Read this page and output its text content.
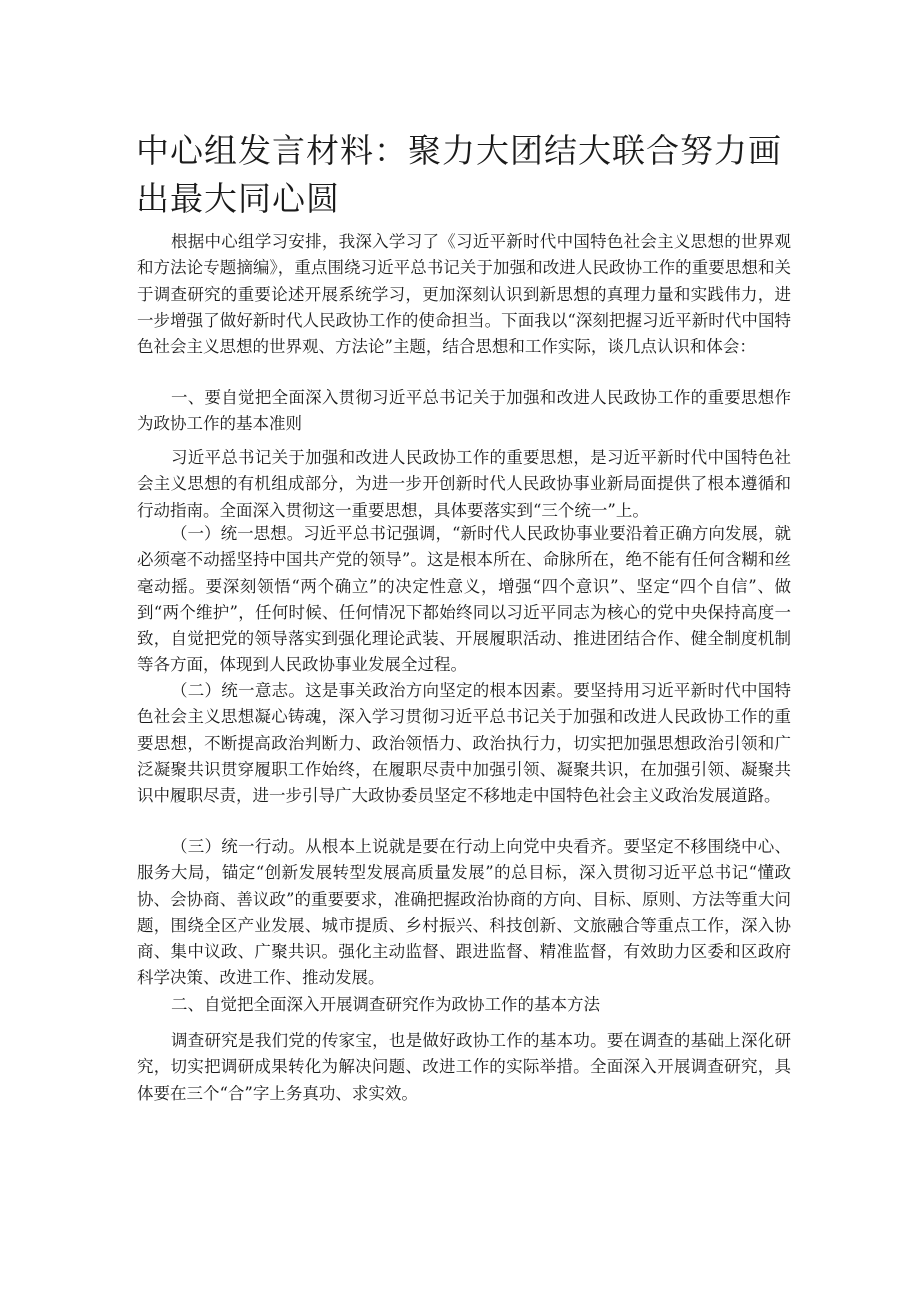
中心组发言材料：聚力大团结大联合努力画出最大同心圆

根据中心组学习安排，我深入学习了《习近平新时代中国特色社会主义思想的世界观和方法论专题摘编》，重点围绕习近平总书记关于加强和改进人民政协工作的重要思想和关于调查研究的重要论述开展系统学习，更加深刻认识到新思想的真理力量和实践伟力，进一步增强了做好新时代人民政协工作的使命担当。下面我以“深刻把握习近平新时代中国特色社会主义思想的世界观、方法论”主题，结合思想和工作实际，谈几点认识和体会：

一、要自觉把全面深入贯彻习近平总书记关于加强和改进人民政协工作的重要思想作为政协工作的基本准则

习近平总书记关于加强和改进人民政协工作的重要思想，是习近平新时代中国特色社会主义思想的有机组成部分，为进一步开创新时代人民政协事业新局面提供了根本遵循和行动指南。全面深入贯彻这一重要思想，具体要落实到“三个统一”上。

（一）统一思想。习近平总书记强调，“新时代人民政协事业要沿着正确方向发展，就必须毫不动摇坚持中国共产党的领导”。这是根本所在、命脉所在，绝不能有任何含糊和丝毫动摇。要深刻领悟“两个确立”的决定性意义，增强“四个意识”、坚定“四个自信”、做到“两个维护”，任何时候、任何情况下都始终同以习近平同志为核心的党中央保持高度一致，自觉把党的领导落实到强化理论武装、开展履职活动、推进团结合作、健全制度机制等各方面，体现到人民政协事业发展全过程。

（二）统一意志。这是事关政治方向坚定的根本因素。要坚持用习近平新时代中国特色社会主义思想凝心铸魂，深入学习贯彻习近平总书记关于加强和改进人民政协工作的重要思想，不断提高政治判断力、政治领悟力、政治执行力，切实把加强思想政治引领和广泛凝聚共识贯穿履职工作始终，在履职尽责中加强引领、凝聚共识，在加强引领、凝聚共识中履职尽责，进一步引导广大政协委员坚定不移地走中国特色社会主义政治发展道路。

（三）统一行动。从根本上说就是要在行动上向党中央看齐。要坚定不移围绕中心、服务大局，锚定“创新发展转型发展高质量发展”的总目标，深入贯彻习近平总书记“懂政协、会协商、善议政”的重要要求，准确把握政治协商的方向、目标、原则、方法等重大问题，围绕全区产业发展、城市提质、乡村振兴、科技创新、文旅融合等重点工作，深入协商、集中议政、广聚共识。强化主动监督、跟进监督、精准监督，有效助力区委和区政府科学决策、改进工作、推动发展。

二、自觉把全面深入开展调查研究作为政协工作的基本方法

调查研究是我们党的传家宝，也是做好政协工作的基本功。要在调查的基础上深化研究，切实把调研成果转化为解决问题、改进工作的实际举措。全面深入开展调查研究，具体要在三个“合”字上务真功、求实效。
